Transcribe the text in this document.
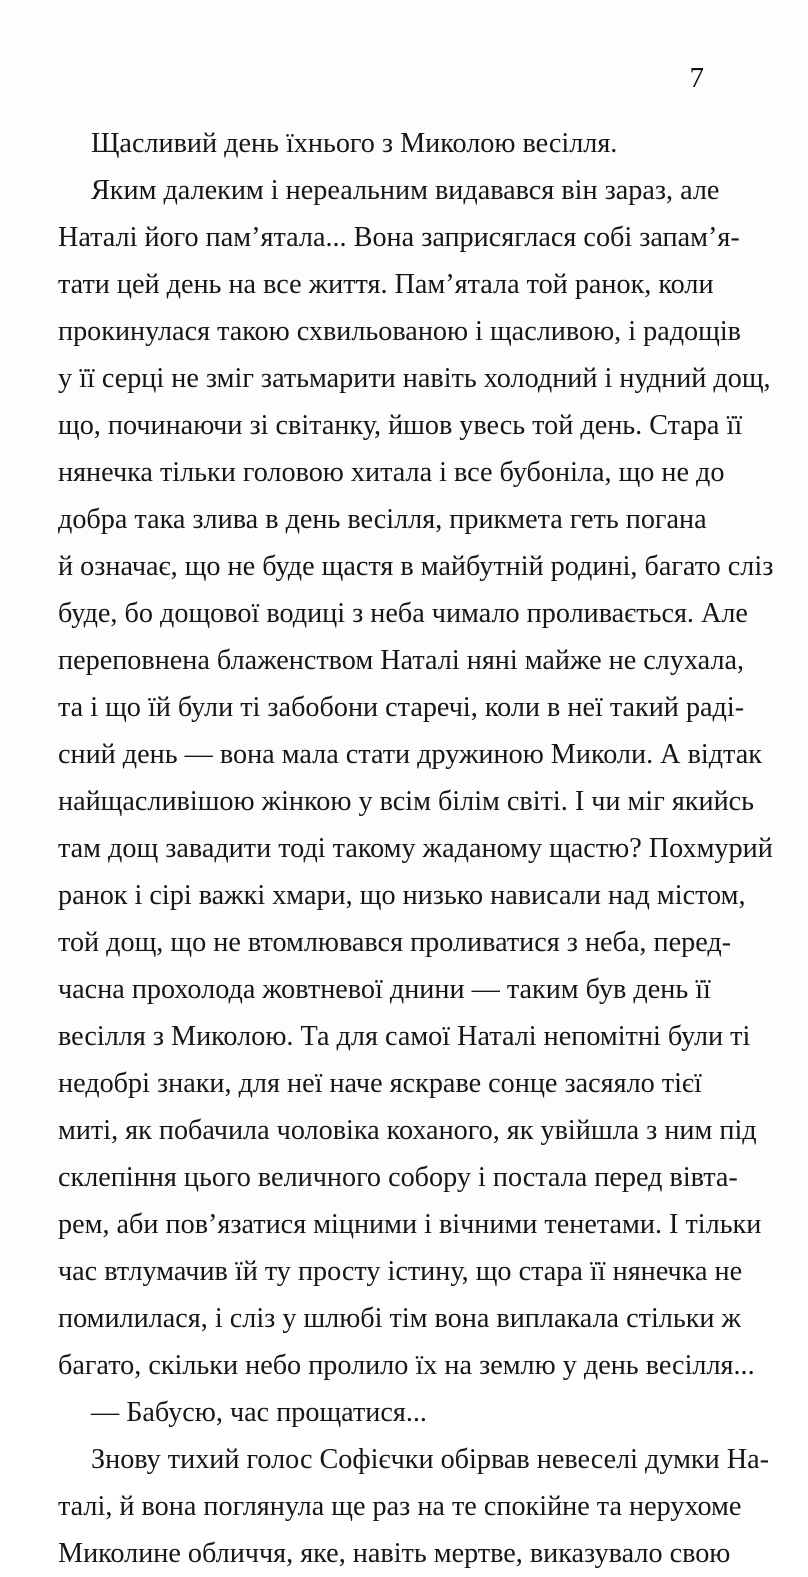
7
Щасливий день їхнього з Миколою весілля.
Яким далеким і нереальним видавався він зараз, але
Наталі його пам’ятала... Вона заприсяглася собі запам’я-
тати цей день на все життя. Пам’ятала той ранок, коли
прокинулася такою схвильованою і щасливою, і радощів
у її серці не зміг затьмарити навіть холодний і нудний дощ,
що, починаючи зі світанку, йшов увесь той день. Стара її
нянечка тільки головою хитала і все бубоніла, що не до
добра така злива в день весілля, прикмета геть погана
й означає, що не буде щастя в майбутній родині, багато сліз
буде, бо дощової водиці з неба чимало проливається. Але
переповнена блаженством Наталі няні майже не слухала,
та і що їй були ті забобони старечі, коли в неї такий раді-
сний день — вона мала стати дружиною Миколи. А відтак
найщасливішою жінкою у всім білім світі. І чи міг якийсь
там дощ завадити тоді такому жаданому щастю? Похмурий
ранок і сірі важкі хмари, що низько нависали над містом,
той дощ, що не втомлювався проливатися з неба, перед-
часна прохолода жовтневої днини — таким був день її
весілля з Миколою. Та для самої Наталі непомітні були ті
недобрі знаки, для неї наче яскраве сонце засяяло тієї
миті, як побачила чоловіка коханого, як увійшла з ним під
склепіння цього величного собору і постала перед вівта-
рем, аби пов’язатися міцними і вічними тенетами. І тільки
час втлумачив їй ту просту істину, що стара її нянечка не
помилилася, і сліз у шлюбі тім вона виплакала стільки ж
багато, скільки небо пролило їх на землю у день весілля...
— Бабусю, час прощатися...
Знову тихий голос Софієчки обірвав невеселі думки На-
талі, й вона поглянула ще раз на те спокійне та нерухоме
Миколине обличчя, яке, навіть мертве, виказувало свою
